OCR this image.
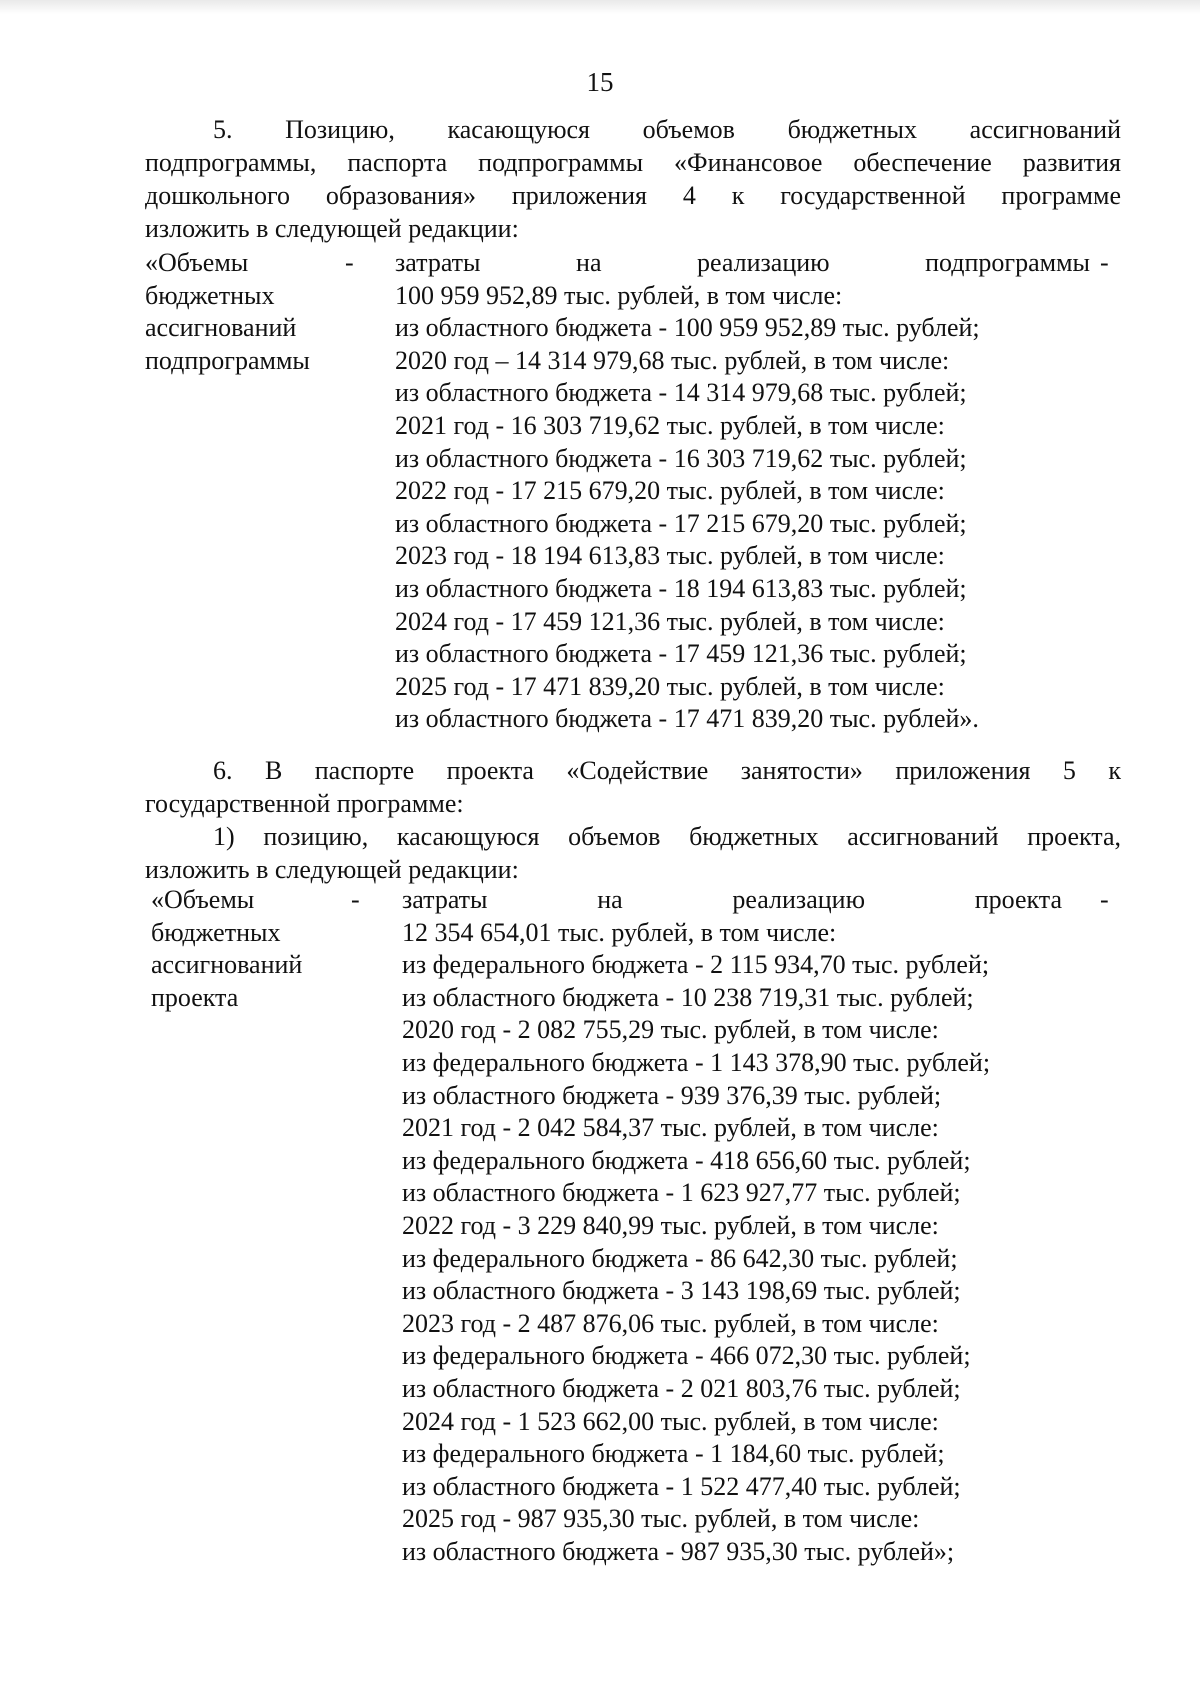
15
5. Позицию, касающуюся объемов бюджетных ассигнований
подпрограммы, паспорта подпрограммы «Финансовое обеспечение развития
дошкольного образования» приложения 4 к государственной программе
изложить в следующей редакции:
«Объемы
бюджетных
ассигнований
подпрограммы
- затраты на реализацию подпрограммы
100 959 952,89 тыс. рублей, в том числе:
из областного бюджета - 100 959 952,89 тыс. рублей;
2020 год – 14 314 979,68 тыс. рублей, в том числе:
из областного бюджета - 14 314 979,68 тыс. рублей;
2021 год - 16 303 719,62 тыс. рублей, в том числе:
из областного бюджета - 16 303 719,62 тыс. рублей;
2022 год - 17 215 679,20 тыс. рублей, в том числе:
из областного бюджета - 17 215 679,20 тыс. рублей;
2023 год - 18 194 613,83 тыс. рублей, в том числе:
из областного бюджета - 18 194 613,83 тыс. рублей;
2024 год - 17 459 121,36 тыс. рублей, в том числе:
из областного бюджета - 17 459 121,36 тыс. рублей;
2025 год - 17 471 839,20 тыс. рублей, в том числе:
из областного бюджета - 17 471 839,20 тыс. рублей».
-
6. В паспорте проекта «Содействие занятости» приложения 5 к
государственной программе:
1) позицию, касающуюся объемов бюджетных ассигнований проекта,
изложить в следующей редакции:
«Объемы
бюджетных
ассигнований
проекта
- затраты на реализацию проекта
12 354 654,01 тыс. рублей, в том числе:
из федерального бюджета - 2 115 934,70 тыс. рублей;
из областного бюджета - 10 238 719,31 тыс. рублей;
2020 год - 2 082 755,29 тыс. рублей, в том числе:
из федерального бюджета - 1 143 378,90 тыс. рублей;
из областного бюджета - 939 376,39 тыс. рублей;
2021 год - 2 042 584,37 тыс. рублей, в том числе:
из федерального бюджета - 418 656,60 тыс. рублей;
из областного бюджета - 1 623 927,77 тыс. рублей;
2022 год - 3 229 840,99 тыс. рублей, в том числе:
из федерального бюджета - 86 642,30 тыс. рублей;
из областного бюджета - 3 143 198,69 тыс. рублей;
2023 год - 2 487 876,06 тыс. рублей, в том числе:
из федерального бюджета - 466 072,30 тыс. рублей;
из областного бюджета - 2 021 803,76 тыс. рублей;
2024 год - 1 523 662,00 тыс. рублей, в том числе:
из федерального бюджета - 1 184,60 тыс. рублей;
из областного бюджета - 1 522 477,40 тыс. рублей;
2025 год - 987 935,30 тыс. рублей, в том числе:
из областного бюджета - 987 935,30 тыс. рублей»;
-
